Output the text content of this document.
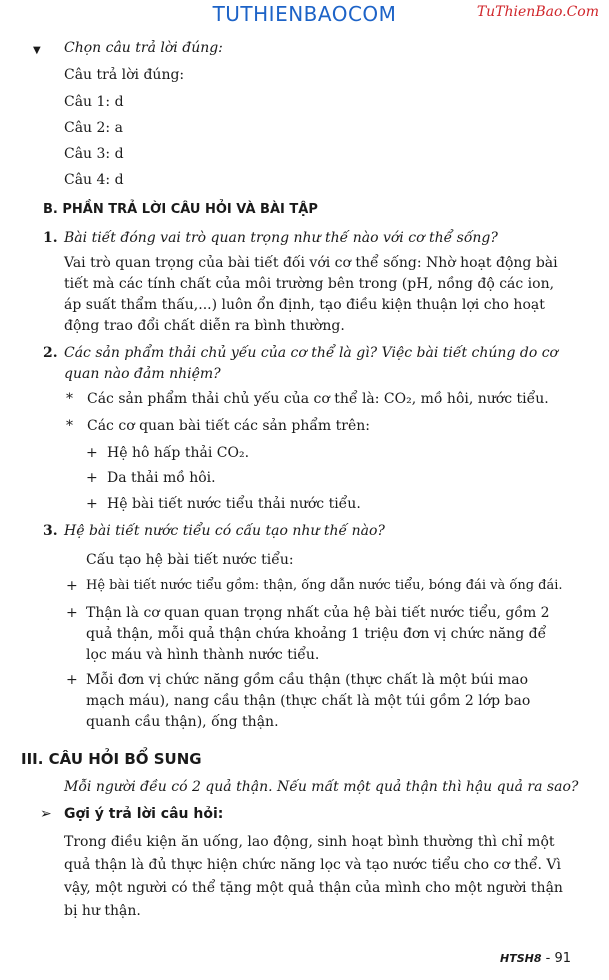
TUTHIENBAOCOM	TuThienBao.Com
▼ Chọn câu trả lời đúng:
Câu trả lời đúng:
Câu 1: d
Câu 2: a
Câu 3: d
Câu 4: d
B. PHẦN TRẢ LỜI CÂU HỎI VÀ BÀI TẬP
1. Bài tiết đóng vai trò quan trọng như thế nào với cơ thể sống?
Vai trò quan trọng của bài tiết đối với cơ thể sống: Nhờ hoạt động bài
tiết mà các tính chất của môi trường bên trong (pH, nồng độ các ion,
áp suất thẩm thấu,...) luôn ổn định, tạo điều kiện thuận lợi cho hoạt
động trao đổi chất diễn ra bình thường.
2. Các sản phẩm thải chủ yếu của cơ thể là gì? Việc bài tiết chúng do cơ
quan nào đảm nhiệm?
* Các sản phẩm thải chủ yếu của cơ thể là: CO₂, mồ hôi, nước tiểu.
* Các cơ quan bài tiết các sản phẩm trên:
+ Hệ hô hấp thải CO₂.
+ Da thải mồ hôi.
+ Hệ bài tiết nước tiểu thải nước tiểu.
3. Hệ bài tiết nước tiểu có cấu tạo như thế nào?
Cấu tạo hệ bài tiết nước tiểu:
+ Hệ bài tiết nước tiểu gồm: thận, ống dẫn nước tiểu, bóng đái và ống đái.
+ Thận là cơ quan quan trọng nhất của hệ bài tiết nước tiểu, gồm 2
quả thận, mỗi quả thận chứa khoảng 1 triệu đơn vị chức năng để
lọc máu và hình thành nước tiểu.
+ Mỗi đơn vị chức năng gồm cầu thận (thực chất là một búi mao
mạch máu), nang cầu thận (thực chất là một túi gồm 2 lớp bao
quanh cầu thận), ống thận.
III. CÂU HỎI BỔ SUNG
Mỗi người đều có 2 quả thận. Nếu mất một quả thận thì hậu quả ra sao?
➢ Gợi ý trả lời câu hỏi:
Trong điều kiện ăn uống, lao động, sinh hoạt bình thường thì chỉ một
quả thận là đủ thực hiện chức năng lọc và tạo nước tiểu cho cơ thể. Vì
vậy, một người có thể tặng một quả thận của mình cho một người thận
bị hư thận.
HTSH8 - 91
